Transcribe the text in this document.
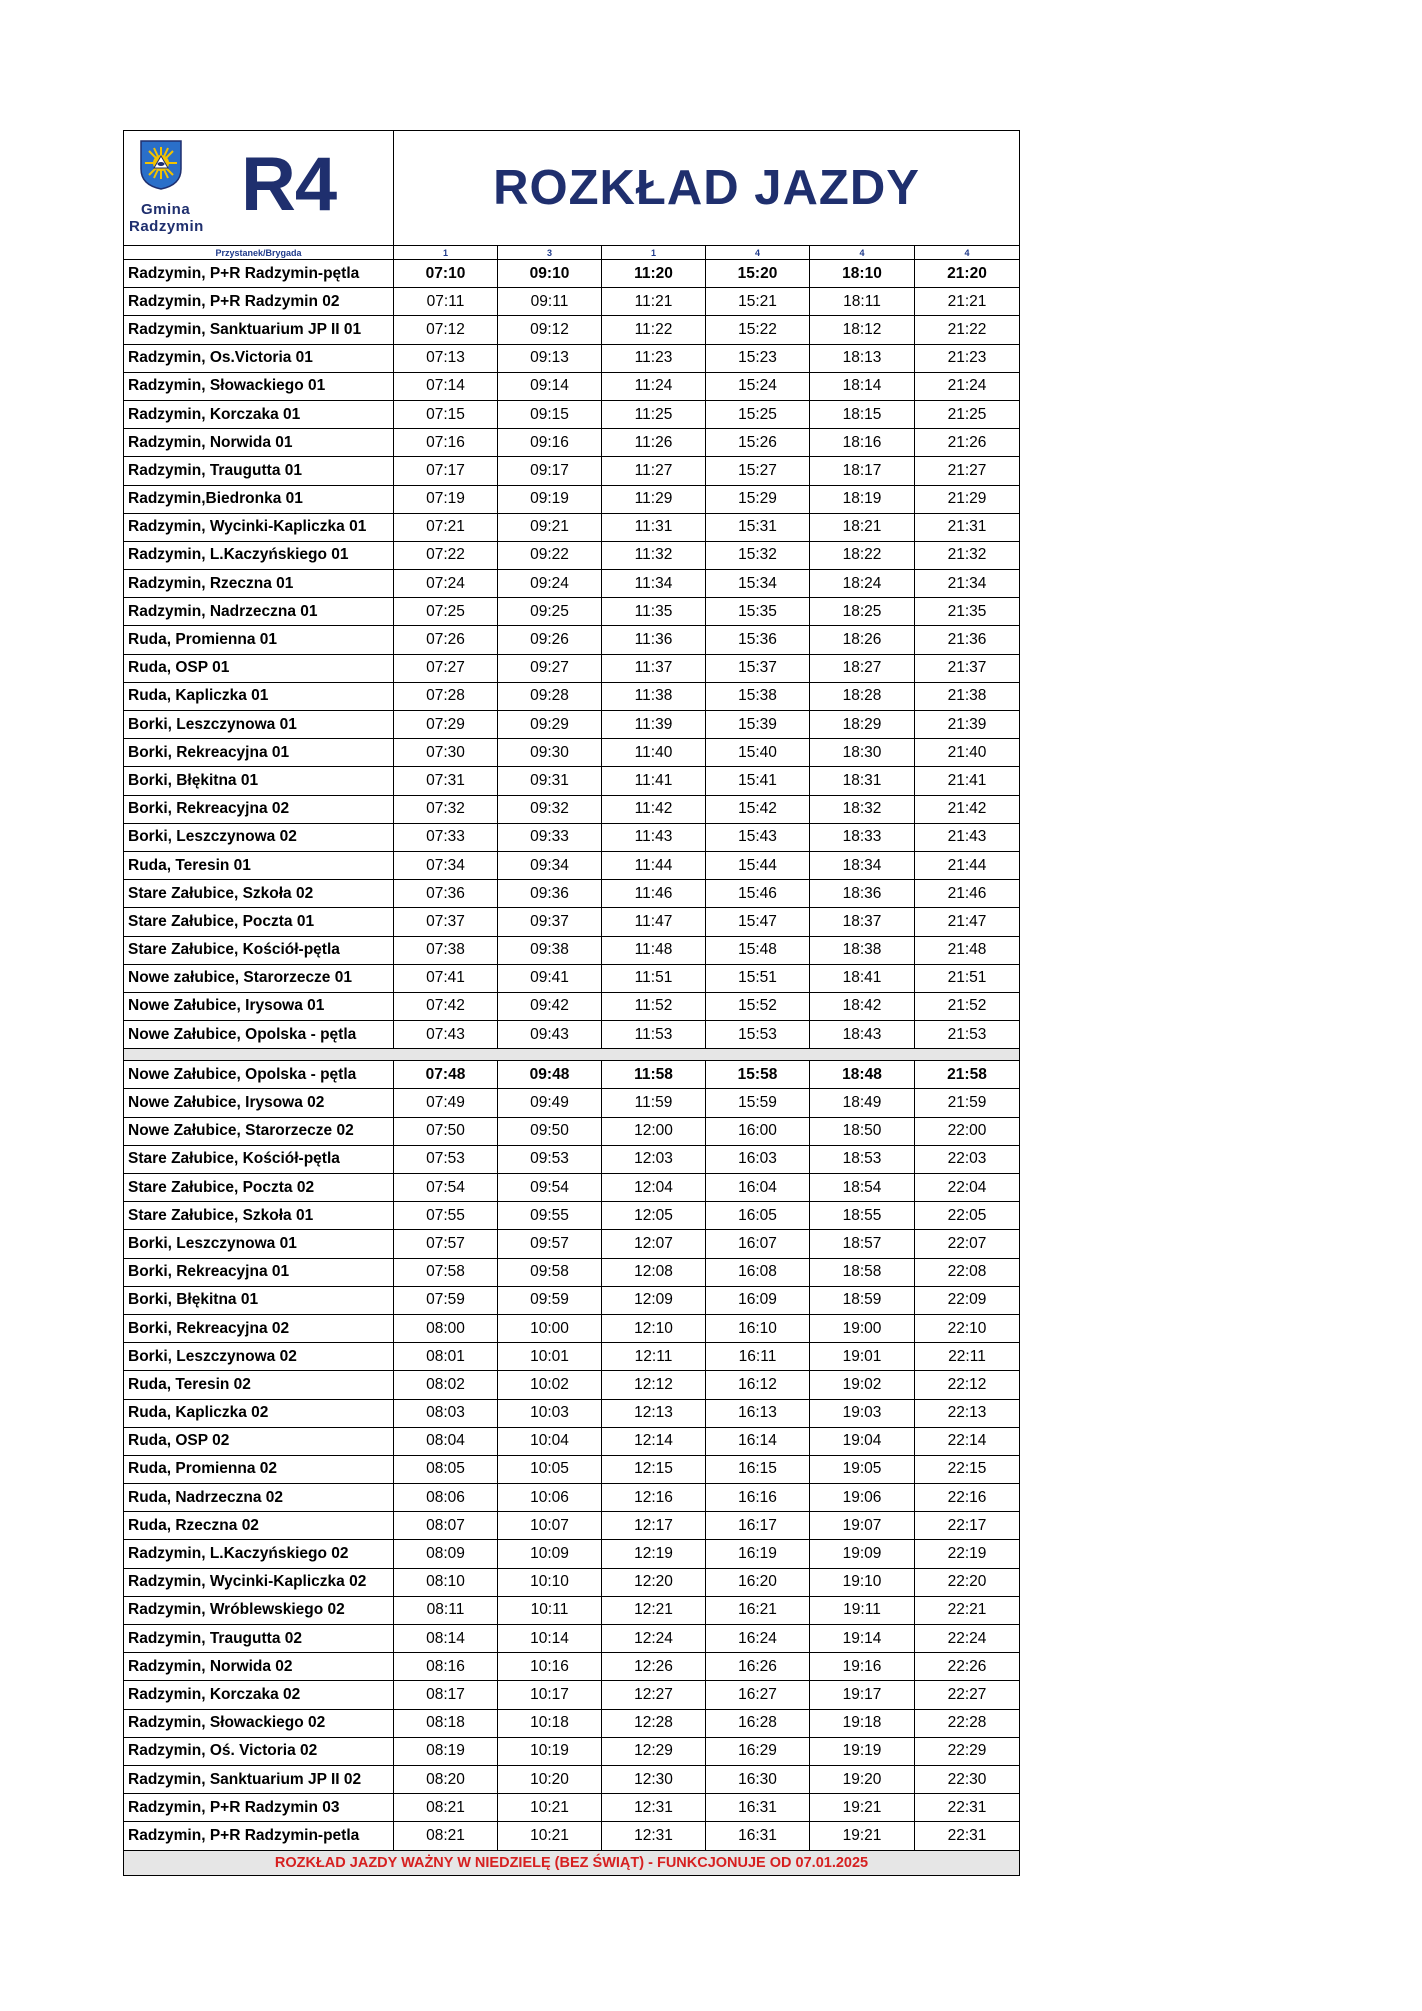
Gmina
Radzymin R4	ROZKŁAD JAZDY					
Przystanek/Brygada	1	3	1	4	4	4
Radzymin, P+R Radzymin-pętla	07:10	09:10	11:20	15:20	18:10	21:20
Radzymin, P+R Radzymin 02	07:11	09:11	11:21	15:21	18:11	21:21
Radzymin, Sanktuarium JP II 01	07:12	09:12	11:22	15:22	18:12	21:22
Radzymin, Os.Victoria 01	07:13	09:13	11:23	15:23	18:13	21:23
Radzymin, Słowackiego 01	07:14	09:14	11:24	15:24	18:14	21:24
Radzymin, Korczaka 01	07:15	09:15	11:25	15:25	18:15	21:25
Radzymin, Norwida 01	07:16	09:16	11:26	15:26	18:16	21:26
Radzymin, Traugutta 01	07:17	09:17	11:27	15:27	18:17	21:27
Radzymin,Biedronka 01	07:19	09:19	11:29	15:29	18:19	21:29
Radzymin, Wycinki-Kapliczka 01	07:21	09:21	11:31	15:31	18:21	21:31
Radzymin, L.Kaczyńskiego 01	07:22	09:22	11:32	15:32	18:22	21:32
Radzymin, Rzeczna 01	07:24	09:24	11:34	15:34	18:24	21:34
Radzymin, Nadrzeczna 01	07:25	09:25	11:35	15:35	18:25	21:35
Ruda, Promienna 01	07:26	09:26	11:36	15:36	18:26	21:36
Ruda, OSP 01	07:27	09:27	11:37	15:37	18:27	21:37
Ruda, Kapliczka 01	07:28	09:28	11:38	15:38	18:28	21:38
Borki, Leszczynowa 01	07:29	09:29	11:39	15:39	18:29	21:39
Borki, Rekreacyjna 01	07:30	09:30	11:40	15:40	18:30	21:40
Borki, Błękitna 01	07:31	09:31	11:41	15:41	18:31	21:41
Borki, Rekreacyjna 02	07:32	09:32	11:42	15:42	18:32	21:42
Borki, Leszczynowa 02	07:33	09:33	11:43	15:43	18:33	21:43
Ruda, Teresin 01	07:34	09:34	11:44	15:44	18:34	21:44
Stare Załubice, Szkoła 02	07:36	09:36	11:46	15:46	18:36	21:46
Stare Załubice, Poczta 01	07:37	09:37	11:47	15:47	18:37	21:47
Stare Załubice, Kościół-pętla	07:38	09:38	11:48	15:48	18:38	21:48
Nowe załubice, Starorzecze 01	07:41	09:41	11:51	15:51	18:41	21:51
Nowe Załubice, Irysowa 01	07:42	09:42	11:52	15:52	18:42	21:52
Nowe Załubice, Opolska - pętla	07:43	09:43	11:53	15:53	18:43	21:53

Nowe Załubice, Opolska - pętla	07:48	09:48	11:58	15:58	18:48	21:58
Nowe Załubice, Irysowa 02	07:49	09:49	11:59	15:59	18:49	21:59
Nowe Załubice, Starorzecze 02	07:50	09:50	12:00	16:00	18:50	22:00
Stare Załubice, Kościół-pętla	07:53	09:53	12:03	16:03	18:53	22:03
Stare Załubice, Poczta 02	07:54	09:54	12:04	16:04	18:54	22:04
Stare Załubice, Szkoła 01	07:55	09:55	12:05	16:05	18:55	22:05
Borki, Leszczynowa 01	07:57	09:57	12:07	16:07	18:57	22:07
Borki, Rekreacyjna 01	07:58	09:58	12:08	16:08	18:58	22:08
Borki, Błękitna 01	07:59	09:59	12:09	16:09	18:59	22:09
Borki, Rekreacyjna 02	08:00	10:00	12:10	16:10	19:00	22:10
Borki, Leszczynowa 02	08:01	10:01	12:11	16:11	19:01	22:11
Ruda, Teresin 02	08:02	10:02	12:12	16:12	19:02	22:12
Ruda, Kapliczka 02	08:03	10:03	12:13	16:13	19:03	22:13
Ruda, OSP 02	08:04	10:04	12:14	16:14	19:04	22:14
Ruda, Promienna 02	08:05	10:05	12:15	16:15	19:05	22:15
Ruda, Nadrzeczna 02	08:06	10:06	12:16	16:16	19:06	22:16
Ruda, Rzeczna 02	08:07	10:07	12:17	16:17	19:07	22:17
Radzymin, L.Kaczyńskiego 02	08:09	10:09	12:19	16:19	19:09	22:19
Radzymin, Wycinki-Kapliczka 02	08:10	10:10	12:20	16:20	19:10	22:20
Radzymin, Wróblewskiego 02	08:11	10:11	12:21	16:21	19:11	22:21
Radzymin, Traugutta 02	08:14	10:14	12:24	16:24	19:14	22:24
Radzymin, Norwida 02	08:16	10:16	12:26	16:26	19:16	22:26
Radzymin, Korczaka 02	08:17	10:17	12:27	16:27	19:17	22:27
Radzymin, Słowackiego 02	08:18	10:18	12:28	16:28	19:18	22:28
Radzymin, Oś. Victoria 02	08:19	10:19	12:29	16:29	19:19	22:29
Radzymin, Sanktuarium JP II 02	08:20	10:20	12:30	16:30	19:20	22:30
Radzymin, P+R Radzymin 03	08:21	10:21	12:31	16:31	19:21	22:31
Radzymin, P+R Radzymin-petla	08:21	10:21	12:31	16:31	19:21	22:31
ROZKŁAD JAZDY WAŻNY W NIEDZIELĘ (BEZ ŚWIĄT) - FUNKCJONUJE OD 07.01.2025						
